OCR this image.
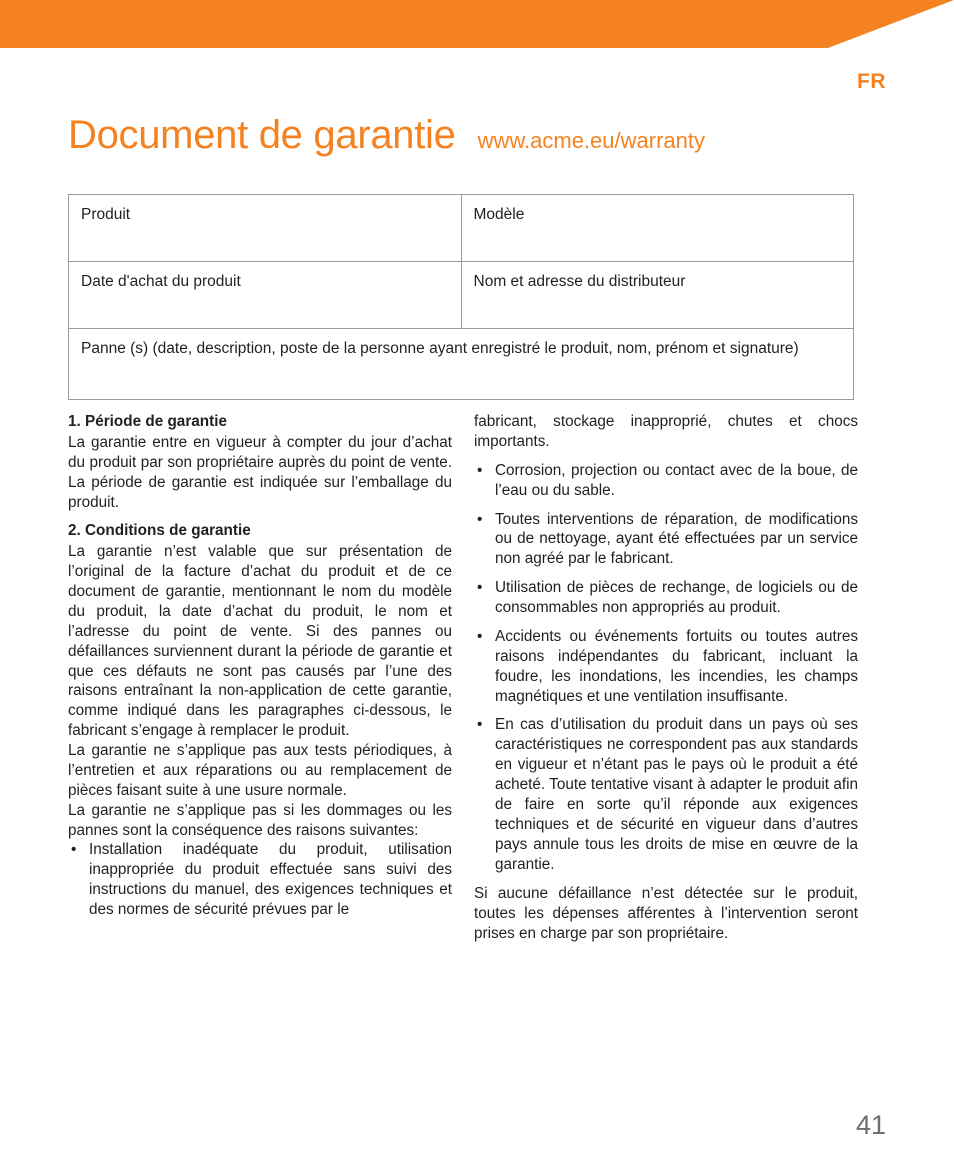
FR
Document de garantie www.acme.eu/warranty
Produit	Modèle
Date d'achat du produit	Nom et adresse du distributeur
Panne (s) (date, description, poste de la personne ayant enregistré le produit, nom, prénom et signature)	

1. Période de garantie

La garantie entre en vigueur à compter du jour d’achat du produit par son propriétaire auprès du point de vente. La période de garantie est indiquée sur l’emballage du produit.

2. Conditions de garantie

La garantie n’est valable que sur présentation de l’original de la facture d’achat du produit et de ce document de garantie, mentionnant le nom du modèle du produit, la date d’achat du produit, le nom et l’adresse du point de vente. Si des pannes ou défaillances surviennent durant la période de garantie et que ces défauts ne sont pas causés par l’une des raisons entraînant la non-application de cette garantie, comme indiqué dans les paragraphes ci-dessous, le fabricant s’engage à remplacer le produit.

La garantie ne s’applique pas aux tests périodiques, à l’entretien et aux réparations ou au remplacement de pièces faisant suite à une usure normale.

La garantie ne s’applique pas si les dommages ou les pannes sont la conséquence des raisons suivantes:

• Installation inadéquate du produit, utilisation inappropriée du produit effectuée sans suivi des instructions du manuel, des exigences techniques et des normes de sécurité prévues par le

fabricant, stockage inapproprié, chutes et chocs importants.

• Corrosion, projection ou contact avec de la boue, de l’eau ou du sable.
• Toutes interventions de réparation, de modifications ou de nettoyage, ayant été effectuées par un service non agréé par le fabricant.
• Utilisation de pièces de rechange, de logiciels ou de consommables non appropriés au produit.
• Accidents ou événements fortuits ou toutes autres raisons indépendantes du fabricant, incluant la foudre, les inondations, les incendies, les champs magnétiques et une ventilation insuffisante.
• En cas d’utilisation du produit dans un pays où ses caractéristiques ne correspondent pas aux standards en vigueur et n’étant pas le pays où le produit a été acheté. Toute tentative visant à adapter le produit afin de faire en sorte qu’il réponde aux exigences techniques et de sécurité en vigueur dans d’autres pays annule tous les droits de mise en œuvre de la garantie.

Si aucune défaillance n’est détectée sur le produit, toutes les dépenses afférentes à l’intervention seront prises en charge par son propriétaire.

41
